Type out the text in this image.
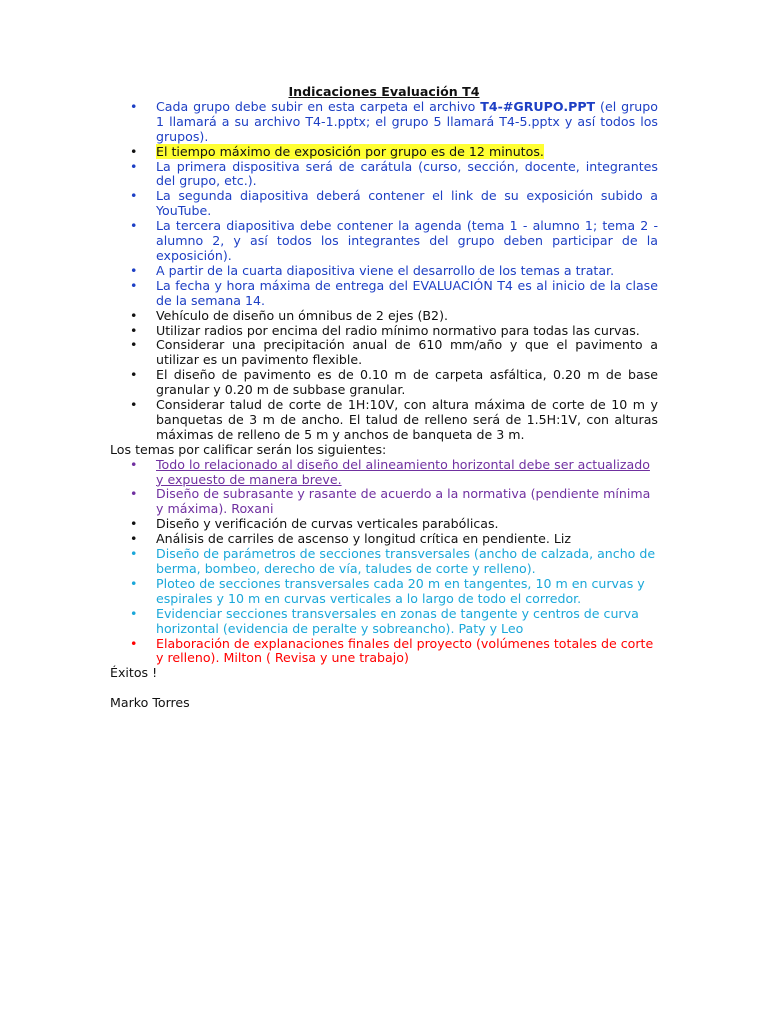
Indicaciones Evaluación T4

• Cada grupo debe subir en esta carpeta el archivo T4-#GRUPO.PPT (el grupo 1 llamará a su archivo T4-1.pptx; el grupo 5 llamará T4-5.pptx y así todos los grupos).
• El tiempo máximo de exposición por grupo es de 12 minutos.
• La primera dispositiva será de carátula (curso, sección, docente, integrantes del grupo, etc.).
• La segunda diapositiva deberá contener el link de su exposición subido a YouTube.
• La tercera diapositiva debe contener la agenda (tema 1 - alumno 1; tema 2 - alumno 2, y así todos los integrantes del grupo deben participar de la exposición).
• A partir de la cuarta diapositiva viene el desarrollo de los temas a tratar.
• La fecha y hora máxima de entrega del EVALUACIÓN T4 es al inicio de la clase de la semana 14.
• Vehículo de diseño un ómnibus de 2 ejes (B2).
• Utilizar radios por encima del radio mínimo normativo para todas las curvas.
• Considerar una precipitación anual de 610 mm/año y que el pavimento a utilizar es un pavimento flexible.
• El diseño de pavimento es de 0.10 m de carpeta asfáltica, 0.20 m de base granular y 0.20 m de subbase granular.
• Considerar talud de corte de 1H:10V, con altura máxima de corte de 10 m y banquetas de 3 m de ancho. El talud de relleno será de 1.5H:1V, con alturas máximas de relleno de 5 m y anchos de banqueta de 3 m.

Los temas por calificar serán los siguientes:

• Todo lo relacionado al diseño del alineamiento horizontal debe ser actualizado y expuesto de manera breve.
• Diseño de subrasante y rasante de acuerdo a la normativa (pendiente mínima y máxima). Roxani
• Diseño y verificación de curvas verticales parabólicas.
• Análisis de carriles de ascenso y longitud crítica en pendiente. Liz
• Diseño de parámetros de secciones transversales (ancho de calzada, ancho de berma, bombeo, derecho de vía, taludes de corte y relleno).
• Ploteo de secciones transversales cada 20 m en tangentes, 10 m en curvas y espirales y 10 m en curvas verticales a lo largo de todo el corredor.
• Evidenciar secciones transversales en zonas de tangente y centros de curva horizontal (evidencia de peralte y sobreancho). Paty y Leo
• Elaboración de explanaciones finales del proyecto (volúmenes totales de corte y relleno). Milton ( Revisa y une trabajo)

Éxitos !

Marko Torres
